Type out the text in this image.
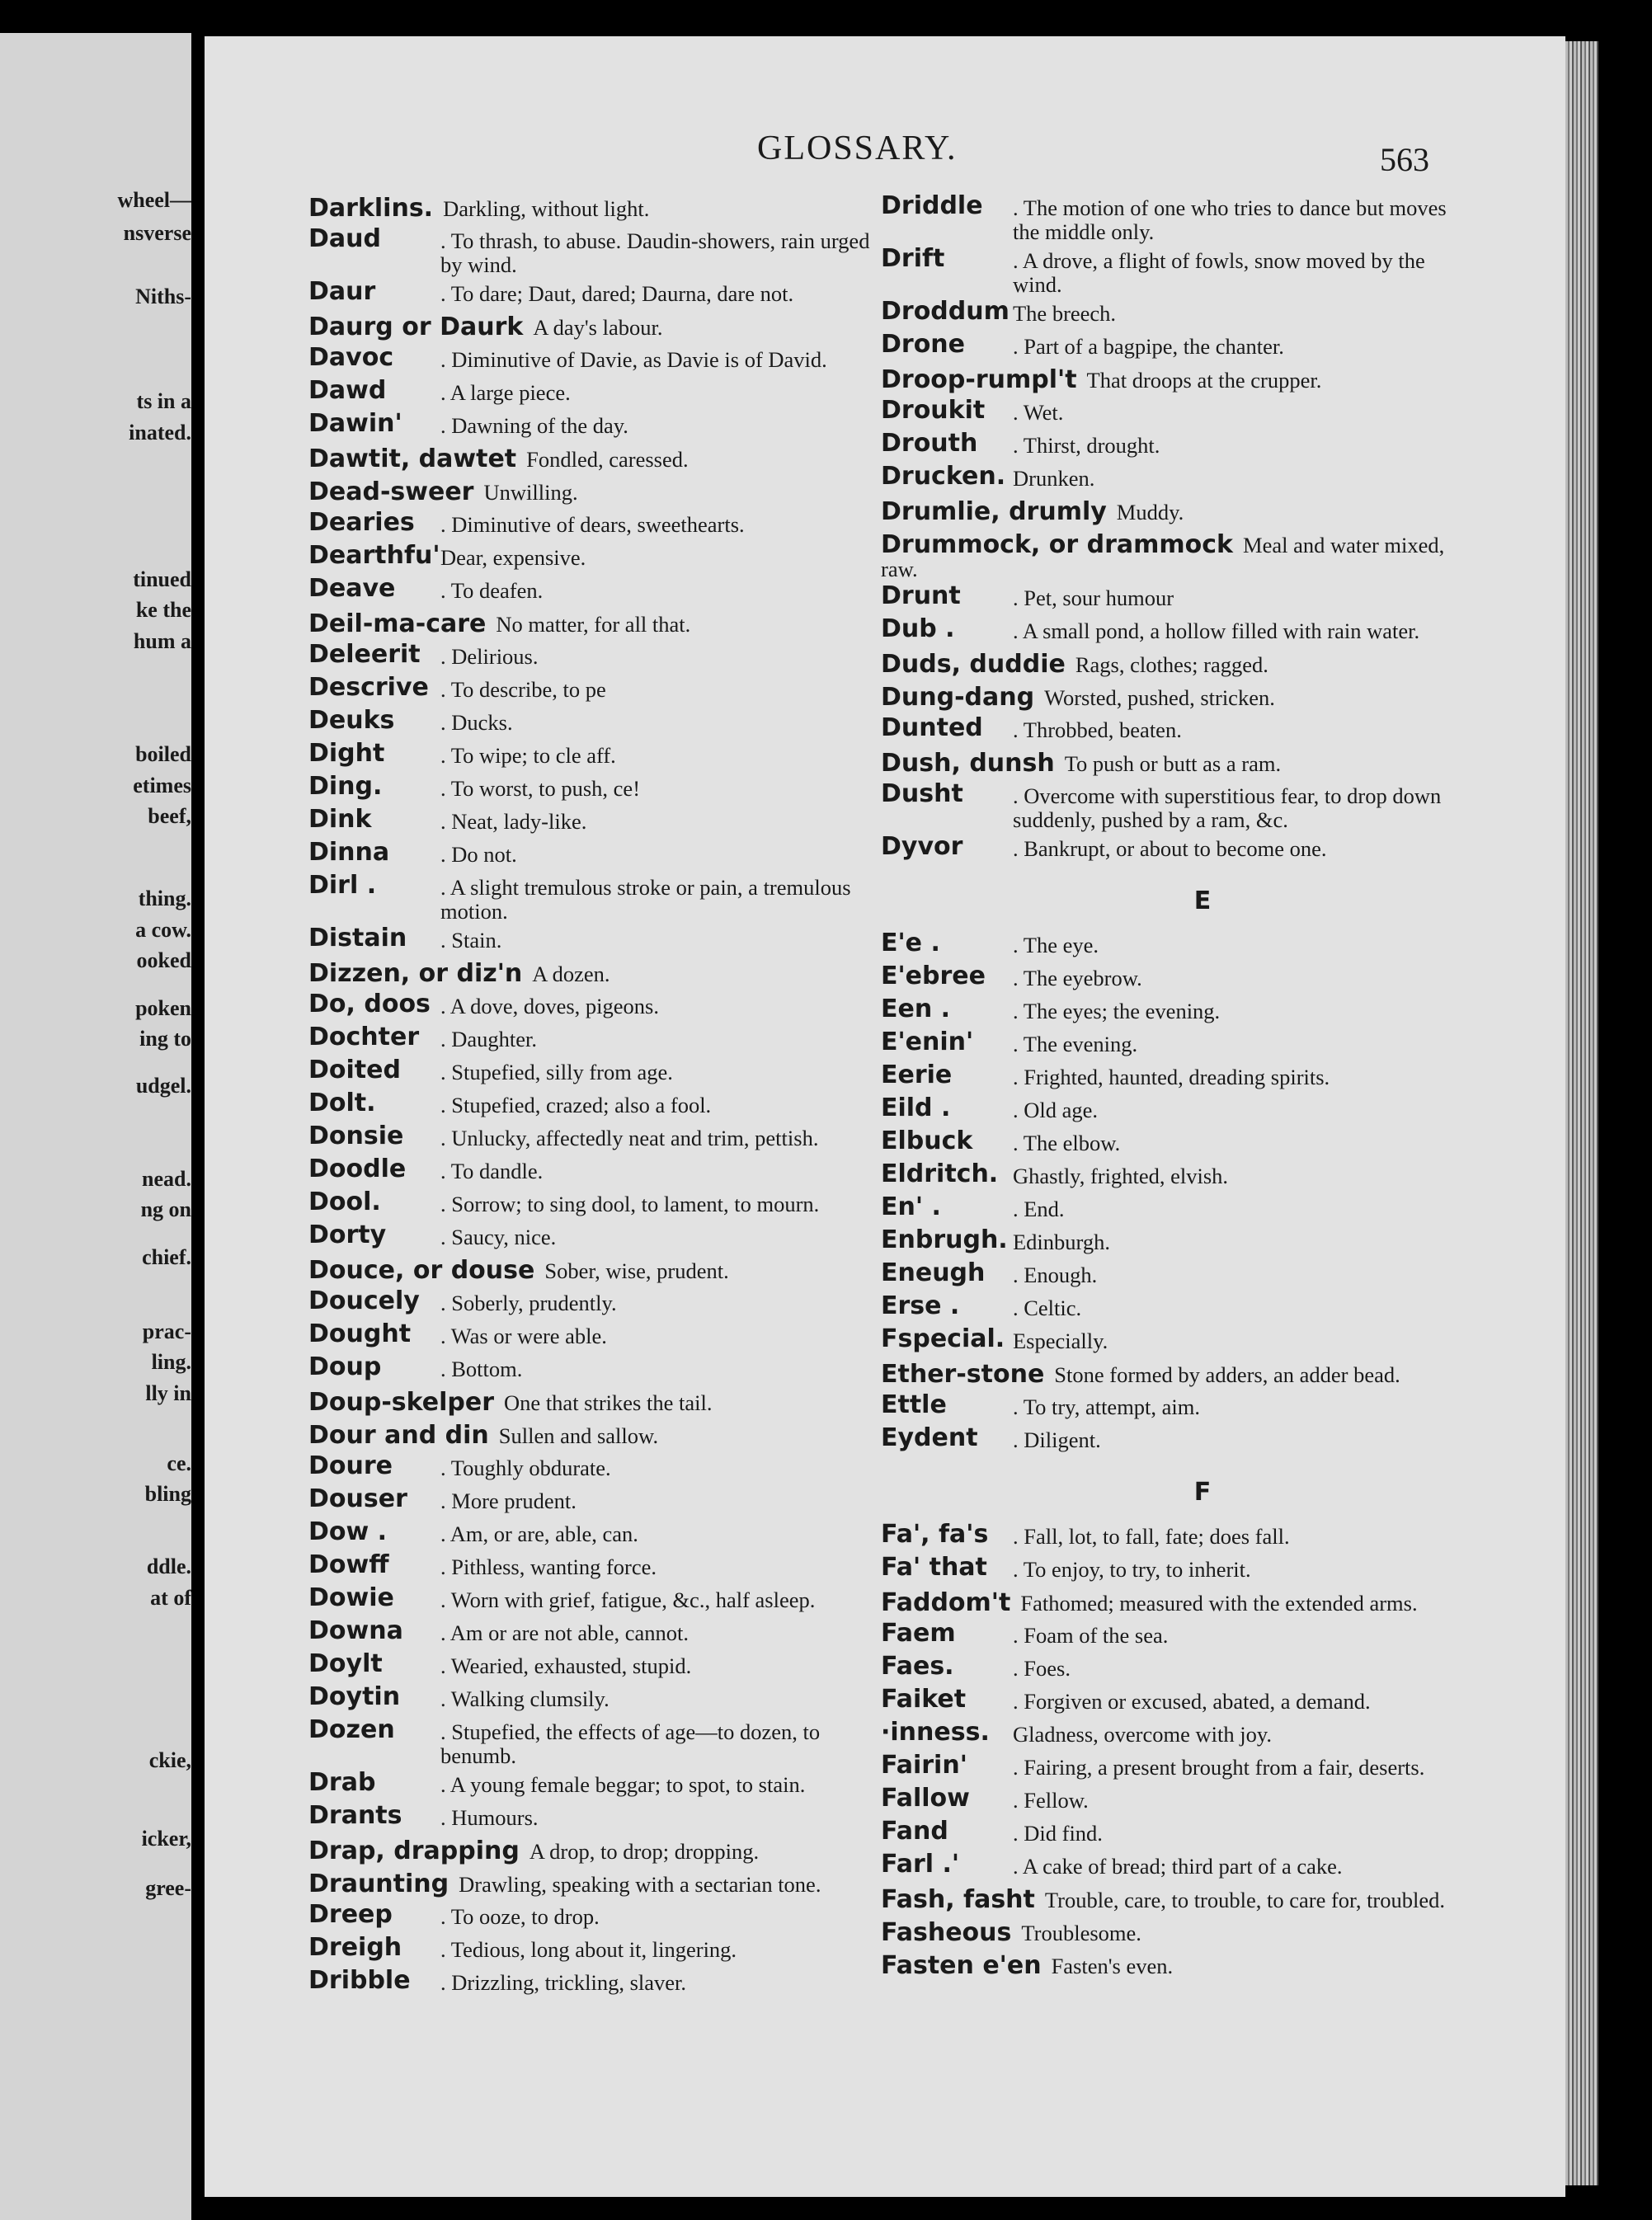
wheel—
nsverse
Niths-
ts in a
inated.
tinued
ke the
hum a
boiled
etimes
beef,
thing.
a cow.
ooked
poken
ing to
udgel.
nead.
ng on
chief.
prac-
ling.
lly in
ce.
bling
ddle.
at of
ckie,
icker,
gree-
GLOSSARY.	563
Darklins. Darkling, without light.
Daud	. To thrash, to abuse. Daudin-showers, rain urged by wind.
Daur	. To dare; Daut, dared; Daurna, dare not.
Daurg or Daurk A day's labour.
Davoc . Diminutive of Davie, as Davie is of David.
Dawd . A large piece.
Dawin' . Dawning of the day.
Dawtit, dawtet Fondled, caressed.
Dead-sweer Unwilling.
Dearies . Diminutive of dears, sweethearts.
Dearthfu' Dear, expensive.
Deave . To deafen.
Deil-ma-care No matter, for all that.
Deleerit . Delirious.
Descrive . To describe, to pe
Deuks . Ducks.
Dight	. To wipe; to cle aff.
Ding.	. To worst, to push, ce!
Dink	. Neat, lady-like.
Dinna . Do not.
Dirl .	. A slight tremulous stroke or pain, a tremulous motion.
Distain . Stain.
Dizzen, or diz'n A dozen.
Do, doos . A dove, doves, pigeons.
Dochter . Daughter.
Doited . Stupefied, silly from age.
Dolt.	. Stupefied, crazed; also a fool.
Donsie . Unlucky, affectedly neat and trim, pettish.
Doodle . To dandle.
Dool.	. Sorrow; to sing dool, to lament, to mourn.
Dorty . Saucy, nice.
Douce, or douse Sober, wise, prudent.
Doucely . Soberly, prudently.
Dought . Was or were able.
Doup	. Bottom.
Doup-skelper One that strikes the tail.
Dour and din Sullen and sallow.
Doure . Toughly obdurate.
Douser . More prudent.
Dow . . Am, or are, able, can.
Dowff . Pithless, wanting force.
Dowie . Worn with grief, fatigue, &c., half asleep.
Downa . Am or are not able, cannot.
Doylt	. Wearied, exhausted, stupid.
Doytin . Walking clumsily.
Dozen . Stupefied, the effects of age—to dozen, to benumb.
Drab	. A young female beggar; to spot, to stain.
Drants . Humours.
Drap, drapping A drop, to drop; dropping.
Draunting Drawling, speaking with a sectarian tone.
Dreep . To ooze, to drop.
Dreigh . Tedious, long about it, lingering.
Dribble . Drizzling, trickling, slaver.
Driddle . The motion of one who tries to dance but moves the middle only.
Drift	. A drove, a flight of fowls, snow moved by the wind.
Droddum The breech.
Drone . Part of a bagpipe, the chanter.
Droop-rumpl't That droops at the crupper.
Droukit . Wet.
Drouth . Thirst, drought.
Drucken. Drunken.
Drumlie, drumly Muddy.
Drummock, or drammock Meal and water mixed, raw.
Drunt . Pet, sour humour
Dub .	. A small pond, a hollow filled with rain water.
Duds, duddie Rags, clothes; ragged.
Dung-dang Worsted, pushed, stricken.
Dunted . Throbbed, beaten.
Dush, dunsh To push or butt as a ram.
Dusht . Overcome with superstitious fear, to drop down suddenly, pushed by a ram, &c.
Dyvor . Bankrupt, or about to become one.
E
E'e .	. The eye.
E'ebree . The eyebrow.
Een .	. The eyes; the evening.
E'enin' . The evening.
Eerie	. Frighted, haunted, dreading spirits.
Eild .	. Old age.
Elbuck . The elbow.
Eldritch. Ghastly, frighted, elvish.
En' .	. End.
Enbrugh. Edinburgh.
Eneugh . Enough.
Erse . . Celtic.
Fspecial. Especially.
Ether-stone Stone formed by adders, an adder bead.
Ettle	. To try, attempt, aim.
Eydent . Diligent.
F
Fa', fa's . Fall, lot, to fall, fate; does fall.
Fa' that . To enjoy, to try, to inherit.
Faddom't Fathomed; measured with the extended arms.
Faem	. Foam of the sea.
Faes.	. Foes.
Faiket . Forgiven or excused, abated, a demand.
·inness. Gladness, overcome with joy.
Fairin' . Fairing, a present brought from a fair, deserts.
Fallow . Fellow.
Fand	. Did find.
Farl .' . A cake of bread; third part of a cake.
Fash, fasht Trouble, care, to trouble, to care for, troubled.
Fasheous Troublesome.
Fasten e'en Fasten's even.
